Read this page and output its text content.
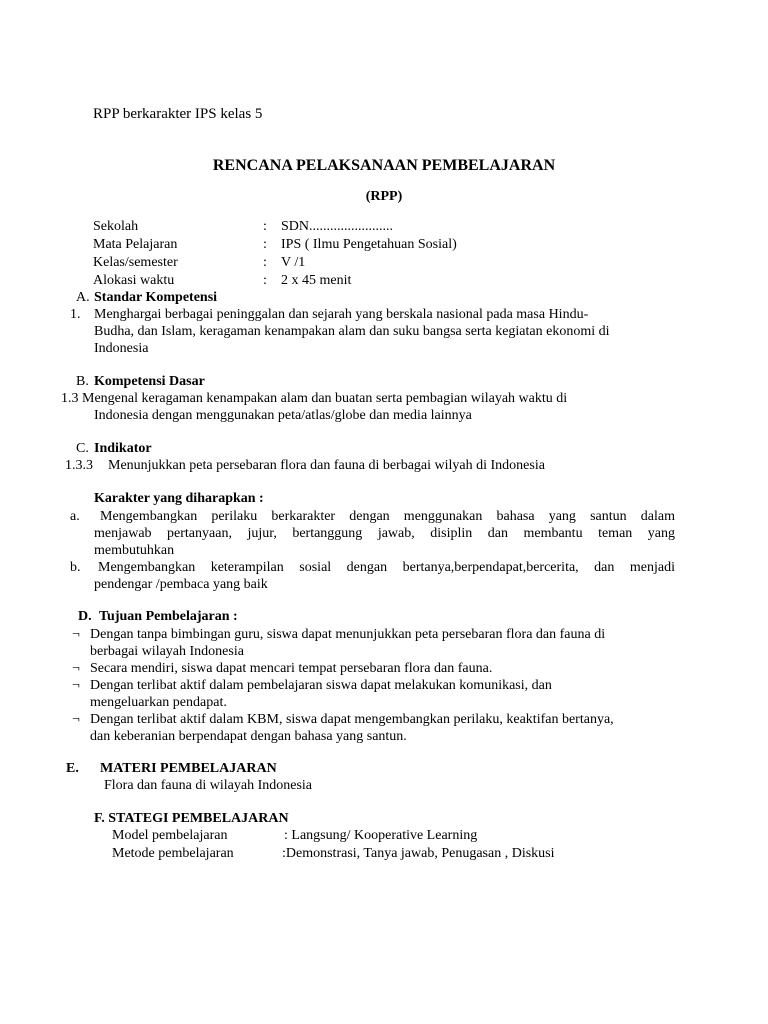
RPP berkarakter IPS kelas 5
RENCANA PELAKSANAAN PEMBELAJARAN
(RPP)
Sekolah	: SDN........................
Mata Pelajaran	: IPS ( Ilmu Pengetahuan Sosial)
Kelas/semester	: V /1
Alokasi waktu	: 2 x 45 menit
A. Standar Kompetensi
1. Menghargai berbagai peninggalan dan sejarah yang berskala nasional pada masa Hindu-
Budha, dan Islam, keragaman kenampakan alam dan suku bangsa serta kegiatan ekonomi di
Indonesia
B. Kompetensi Dasar
1.3 Mengenal keragaman kenampakan alam dan buatan serta pembagian wilayah waktu di
Indonesia dengan menggunakan peta/atlas/globe dan media lainnya
C. Indikator
1.3.3 Menunjukkan peta persebaran flora dan fauna di berbagai wilyah di Indonesia
Karakter yang diharapkan :
a. Mengembangkan perilaku berkarakter dengan menggunakan bahasa yang santun dalam
menjawab pertanyaan, jujur, bertanggung jawab, disiplin dan membantu teman yang
membutuhkan
b. Mengembangkan keterampilan sosial dengan bertanya,berpendapat,bercerita, dan menjadi
pendengar /pembaca yang baik
D. Tujuan Pembelajaran :
¬ Dengan tanpa bimbingan guru, siswa dapat menunjukkan peta persebaran flora dan fauna di
berbagai wilayah Indonesia
¬ Secara mendiri, siswa dapat mencari tempat persebaran flora dan fauna.
¬ Dengan terlibat aktif dalam pembelajaran siswa dapat melakukan komunikasi, dan
mengeluarkan pendapat.
¬ Dengan terlibat aktif dalam KBM, siswa dapat mengembangkan perilaku, keaktifan bertanya,
dan keberanian berpendapat dengan bahasa yang santun.
E. MATERI PEMBELAJARAN
Flora dan fauna di wilayah Indonesia
F. STATEGI PEMBELAJARAN
Model pembelajaran	: Langsung/ Kooperative Learning
Metode pembelajaran	:Demonstrasi, Tanya jawab, Penugasan , Diskusi
